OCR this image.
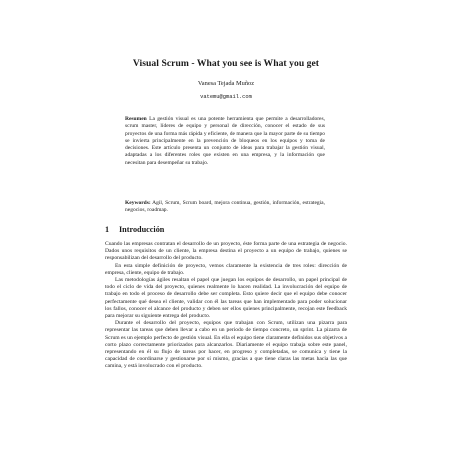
Visual Scrum - What you see is What you get
Vanesa Tejada Muñoz
vatemu@gmail.com
Resumen La gestión visual es una potente herramienta que permite a desarrolladores, scrum master, líderes de equipo y personal de dirección, conocer el estado de sus proyectos de una forma más rápida y eficiente, de manera que la mayor parte de su tiempo se invierta principalmente en la prevención de bloqueos en los equipos y toma de decisiones. Este artículo presenta un conjunto de ideas para trabajar la gestión visual, adaptadas a los diferentes roles que existen en una empresa, y la información que necesitan para desempeñar su trabajo.
Keywords: Agil, Scrum, Scrum board, mejora continua, gestión, información, estrategia, negocios, roadmap.
1 Introducción

Cuando las empresas contratan el desarrollo de un proyecto, éste forma parte de una estrategia de negocio. Dados unos requisitos de un cliente, la empresa destina el proyecto a un equipo de trabajo, quienes se responsabilizan del desarrollo del producto.

En esta simple definición de proyecto, vemos claramente la existencia de tres roles: dirección de empresa, cliente, equipo de trabajo.

Las metodologías ágiles resaltan el papel que juegan los equipos de desarrollo, un papel principal de todo el ciclo de vida del proyecto, quienes realmente lo hacen realidad. La involucración del equipo de trabajo en todo el proceso de desarrollo debe ser completa. Esto quiere decir que el equipo debe conocer perfectamente qué desea el cliente, validar con él las tareas que han implementado para poder solucionar los fallos, conocer el alcance del producto y deben ser ellos quienes principalmente, recojan este feedback para mejorar su siguiente entrega del producto.

Durante el desarrollo del proyecto, equipos que trabajan con Scrum, utilizan una pizarra para representar las tareas que deben llevar a cabo en un periodo de tiempo concreto, un sprint. La pizarra de Scrum es un ejemplo perfecto de gestión visual. En ella el equipo tiene claramente definidos sus objetivos a corto plazo correctamente priorizados para alcanzarlos. Diariamente el equipo trabaja sobre este panel, representando en él su flujo de tareas por hacer, en progreso y completadas, se comunica y tiene la capacidad de coordinarse y gestionarse por sí mismo, gracias a que tiene claras las metas hacia las que camina, y está involucrado con el producto.
